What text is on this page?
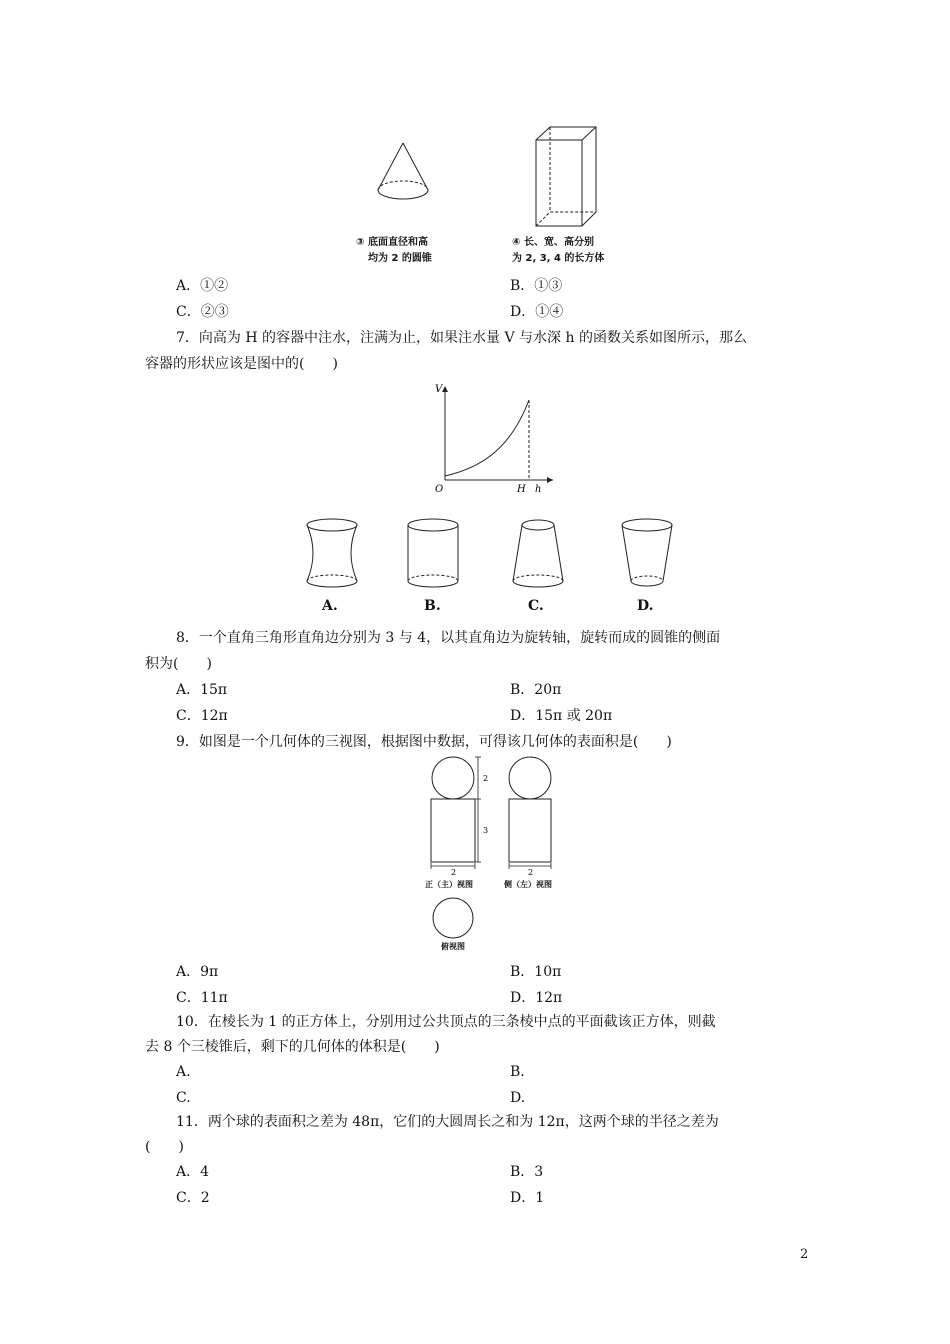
③ 底面直径和高
均为 2 的圆锥
④ 长、宽、高分别
为 2, 3, 4 的长方体
A．①②	B．①③
C．②③	D．①④
7．向高为 H 的容器中注水，注满为止，如果注水量 V 与水深 h 的函数关系如图所示，那么
容器的形状应该是图中的(　　)
V
O	H h
A.	B.	C.	D.
8．一个直角三角形直角边分别为 3 与 4，以其直角边为旋转轴，旋转而成的圆锥的侧面
积为(　　)
A．15π	B．20π
C．12π	D．15π 或 20π
9．如图是一个几何体的三视图，根据图中数据，可得该几何体的表面积是(　　)
2
3
2	2
正（主）视图	侧（左）视图
俯视图
A．9π	B．10π
C．11π	D．12π
10．在棱长为 1 的正方体上，分别用过公共顶点的三条棱中点的平面截该正方体，则截
去 8 个三棱锥后，剩下的几何体的体积是(　　)
A.	B.
C.	D.
11．两个球的表面积之差为 48π，它们的大圆周长之和为 12π，这两个球的半径之差为
(　　)
A．4	B．3
C．2	D．1
2
